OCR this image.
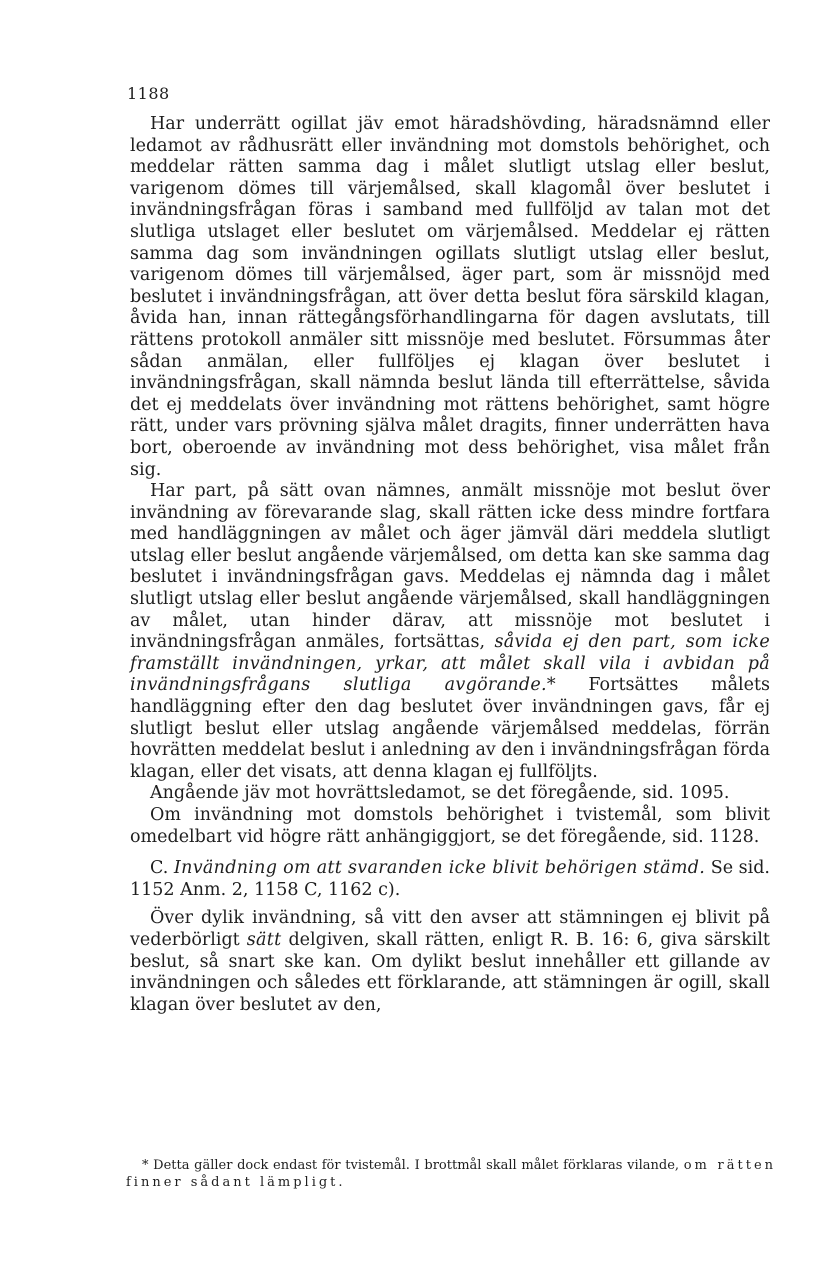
1188

Har underrätt ogillat jäv emot häradshövding, häradsnämnd eller ledamot av rådhusrätt eller invändning mot domstols behörighet, och meddelar rätten samma dag i målet slutligt utslag eller beslut, varigenom dömes till värjemålsed, skall klagomål över beslutet i invändningsfrågan föras i samband med fullföljd av talan mot det slutliga utslaget eller beslutet om värjemålsed. Meddelar ej rätten samma dag som invändningen ogillats slutligt utslag eller beslut, varigenom dömes till värjemålsed, äger part, som är missnöjd med beslutet i invändningsfrågan, att över detta beslut föra särskild klagan, åvida han, innan rättegångsförhandlingarna för dagen avslutats, till rättens protokoll anmäler sitt missnöje med beslutet. Försummas åter sådan anmälan, eller fullföljes ej klagan över beslutet i invändningsfrågan, skall nämnda beslut lända till efterrättelse, såvida det ej meddelats över invändning mot rättens behörighet, samt högre rätt, under vars prövning själva målet dragits, finner underrätten hava bort, oberoende av invändning mot dess behörighet, visa målet från sig.

Har part, på sätt ovan nämnes, anmält missnöje mot beslut över invändning av förevarande slag, skall rätten icke dess mindre fortfara med handläggningen av målet och äger jämväl däri meddela slutligt utslag eller beslut angående värjemålsed, om detta kan ske samma dag beslutet i invändningsfrågan gavs. Meddelas ej nämnda dag i målet slutligt utslag eller beslut angående värjemålsed, skall handläggningen av målet, utan hinder därav, att missnöje mot beslutet i invändningsfrågan anmäles, fortsättas, såvida ej den part, som icke framställt invändningen, yrkar, att målet skall vila i avbidan på invändningsfrågans slutliga avgörande.* Fortsättes målets handläggning efter den dag beslutet över invändningen gavs, får ej slutligt beslut eller utslag angående värjemålsed meddelas, förrän hovrätten meddelat beslut i anledning av den i invändningsfrågan förda klagan, eller det visats, att denna klagan ej fullföljts.

Angående jäv mot hovrättsledamot, se det föregående, sid. 1095.

Om invändning mot domstols behörighet i tvistemål, som blivit omedelbart vid högre rätt anhängiggjort, se det föregående, sid. 1128.

C. Invändning om att svaranden icke blivit behörigen stämd. Se sid. 1152 Anm. 2, 1158 C, 1162 c).

Över dylik invändning, så vitt den avser att stämningen ej blivit på vederbörligt sätt delgiven, skall rätten, enligt R. B. 16: 6, giva särskilt beslut, så snart ske kan. Om dylikt beslut innehåller ett gillande av invändningen och således ett förklarande, att stämningen är ogill, skall klagan över beslutet av den,

* Detta gäller dock endast för tvistemål. I brottmål skall målet förklaras vilande, om rätten finner sådant lämpligt.
